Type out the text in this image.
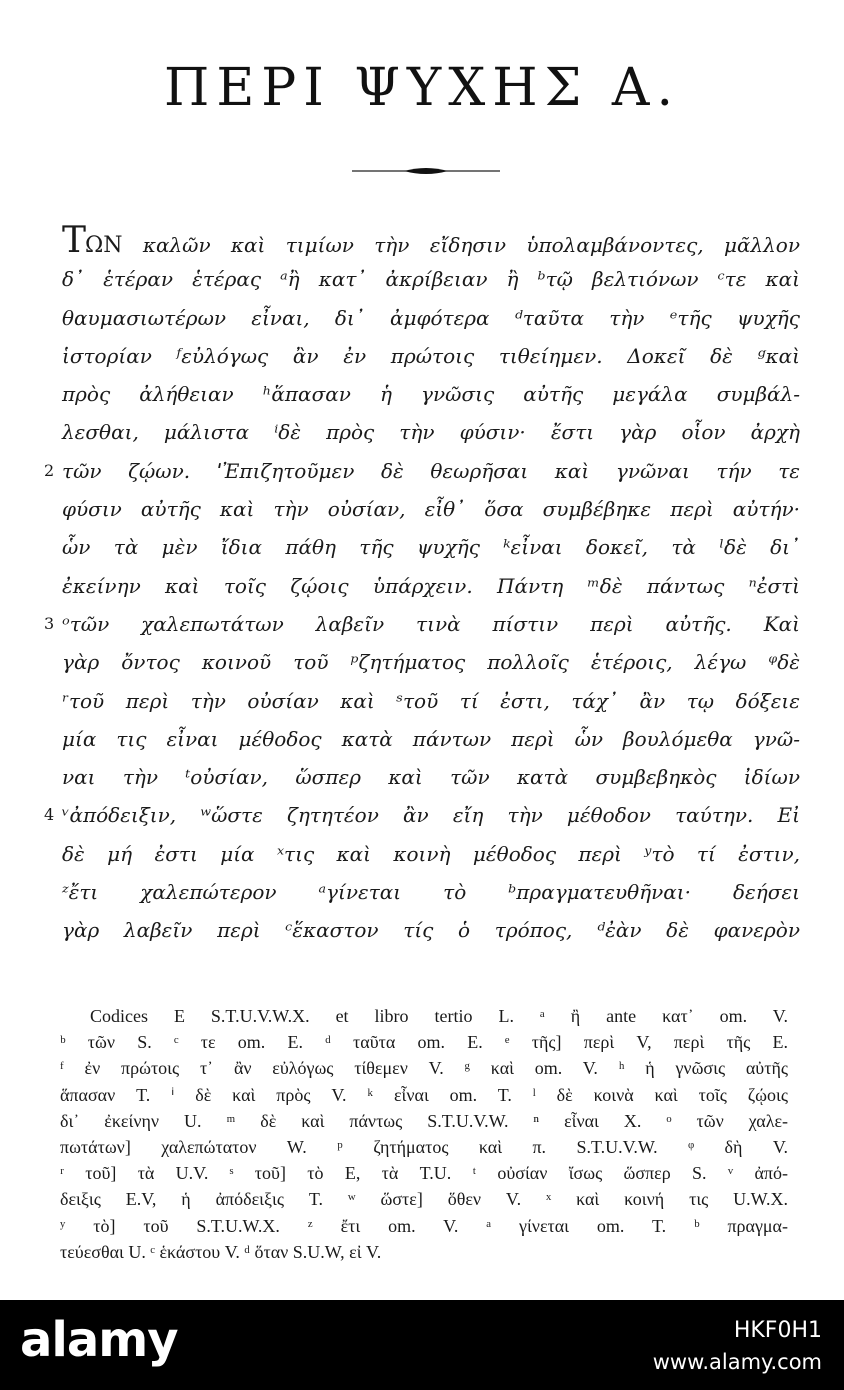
ΠΕΡΙ ΨΥΧΗΣ Α.
ΤΩΝ καλῶν καὶ τιμίων τὴν εἴδησιν ὑπολαμβάνοντες, μᾶλλον
δ᾽ ἑτέραν ἑτέρας ᵃἢ κατ᾽ ἀκρίβειαν ἢ ᵇτῷ βελτιόνων ᶜτε καὶ
θαυμασιωτέρων εἶναι, δι᾽ ἀμφότερα ᵈταῦτα τὴν ᵉτῆς ψυχῆς
ἱστορίαν ᶠεὐλόγως ἂν ἐν πρώτοις τιθείημεν. Δοκεῖ δὲ ᵍκαὶ
πρὸς ἀλήθειαν ʰἅπασαν ἡ γνῶσις αὐτῆς μεγάλα συμβάλ-
λεσθαι, μάλιστα ⁱδὲ πρὸς τὴν φύσιν· ἔστι γὰρ οἷον ἀρχὴ
2 τῶν ζῴων. ˈἘπιζητοῦμεν δὲ θεωρῆσαι καὶ γνῶναι τήν τε
φύσιν αὐτῆς καὶ τὴν οὐσίαν, εἶθ᾽ ὅσα συμβέβηκε περὶ αὐτήν·
ὧν τὰ μὲν ἴδια πάθη τῆς ψυχῆς ᵏεἶναι δοκεῖ, τὰ ˡδὲ δι᾽
ἐκείνην καὶ τοῖς ζῴοις ὑπάρχειν. Πάντη ᵐδὲ πάντως ⁿἐστὶ
3 ᵒτῶν χαλεπωτάτων λαβεῖν τινὰ πίστιν περὶ αὐτῆς. Καὶ
γὰρ ὄντος κοινοῦ τοῦ ᵖζητήματος πολλοῖς ἑτέροις, λέγω ᵠδὲ
ʳτοῦ περὶ τὴν οὐσίαν καὶ ˢτοῦ τί ἐστι, τάχ᾽ ἂν τῳ δόξειε
μία τις εἶναι μέθοδος κατὰ πάντων περὶ ὧν βουλόμεθα γνῶ-
ναι τὴν ᵗοὐσίαν, ὥσπερ καὶ τῶν κατὰ συμβεβηκὸς ἰδίων
4 ᵛἀπόδειξιν, ʷὥστε ζητητέον ἂν εἴη τὴν μέθοδον ταύτην. Εἰ
δὲ μή ἐστι μία ˣτις καὶ κοινὴ μέθοδος περὶ ʸτὸ τί ἐστιν,
ᶻἔτι χαλεπώτερον ᵃγίνεται τὸ ᵇπραγματευθῆναι· δεήσει
γὰρ λαβεῖν περὶ ᶜἕκαστον τίς ὁ τρόπος, ᵈἐὰν δὲ φανερὸν
Codices E S.T.U.V.W.X. et libro tertio L. ᵃ ἢ ante κατ᾽ om. V.
ᵇ τῶν S. ᶜ τε om. E. ᵈ ταῦτα om. E. ᵉ τῆς] περὶ V, περὶ τῆς E.
ᶠ ἐν πρώτοις τ᾽ ἂν εὐλόγως τίθεμεν V. ᵍ καὶ om. V. ʰ ἡ γνῶσις αὐτῆς
ἅπασαν T. ⁱ δὲ καὶ πρὸς V. ᵏ εἶναι om. T. ˡ δὲ κοινὰ καὶ τοῖς ζῴοις
δι᾽ ἐκείνην U. ᵐ δὲ καὶ πάντως S.T.U.V.W. ⁿ εἶναι X. ᵒ τῶν χαλε-
πωτάτων] χαλεπώτατον W. ᵖ ζητήματος καὶ π. S.T.U.V.W. ᵠ δὴ V.
ʳ τοῦ] τὰ U.V. ˢ τοῦ] τὸ E, τὰ T.U. ᵗ οὐσίαν ἴσως ὥσπερ S. ᵛ ἀπό-
δειξις E.V, ἡ ἀπόδειξις T. ʷ ὥστε] ὅθεν V. ˣ καὶ κοινή τις U.W.X.
ʸ τὸ] τοῦ S.T.U.W.X. ᶻ ἔτι om. V. ᵃ γίνεται om. T. ᵇ πραγμα-
τεύεσθαι U. ᶜ ἑκάστου V. ᵈ ὅταν S.U.W, εἰ V.
alamy	HKF0H1
www.alamy.com
